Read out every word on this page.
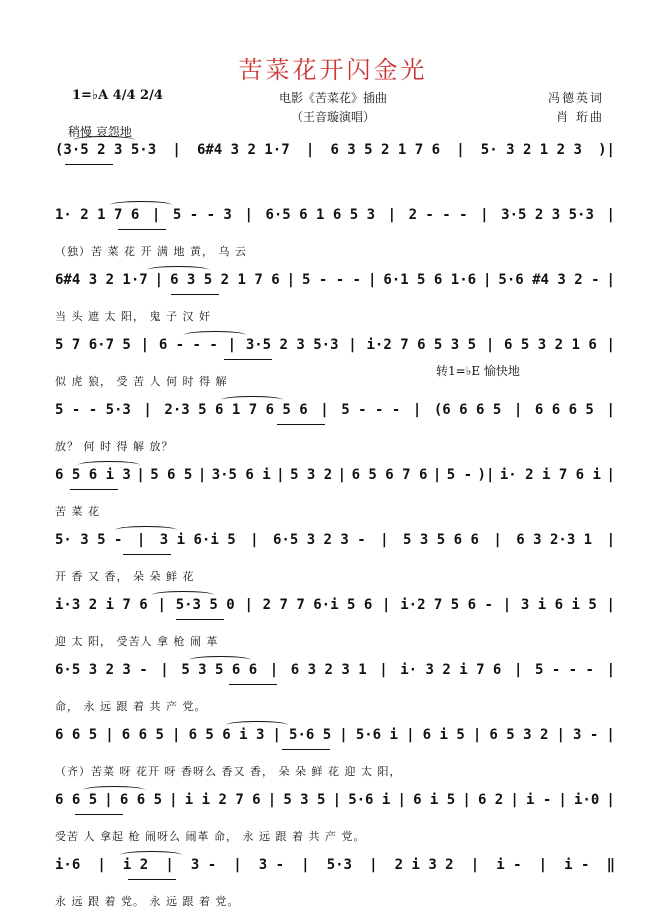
苦菜花开闪金光
1=♭A 4/4 2/4	电影《苦菜花》插曲
（王音璇演唱）
冯德英词
肖 珩曲
稍慢 哀怨地
转1=♭E 愉快地
(3·5 2 3 5·3 | 6#4 3 2 1·7 | 6 3 5 2 1 7 6 | 5· 3 2 1 2 3 )|
1· 2 1 7 6 | 5 - - 3 | 6·5 6 1 6 5 3 | 2 - - - | 3·5 2 3 5·3 |
（独）苦 菜 花 开 满 地 黄， 乌 云
6#4 3 2 1·7 | 6 3 5 2 1 7 6 | 5 - - - | 6·1 5 6 1·6 | 5·6 #4 3 2 - |
当 头 遮 太 阳， 鬼 子 汉 奸
5 7 6·7 5 | 6 - - - | 3·5 2 3 5·3 | i·2 7 6 5 3 5 | 6 5 3 2 1 6 |
似 虎 狼， 受 苦 人 何 时 得 解
5 - - 5·3 | 2·3 5 6 1 7 6 5 6 | 5 - - - | (6 6 6 5 | 6 6 6 5 |
放？ 何 时 得 解 放？
6 5 6 i 3 | 5 6 5 | 3·5 6 i | 5 3 2 | 6 5 6 7 6 | 5 - )| i· 2 i 7 6 i |
苦 菜 花
5· 3 5 - | 3 i 6·i 5 | 6·5 3 2 3 - | 5 3 5 6 6 | 6 3 2·3 1 |
开 香 又 香， 朵 朵 鲜 花
i·3 2 i 7 6 | 5·3 5 0 | 2 7 7 6·i 5 6 | i·2 7 5 6 - | 3 i 6 i 5 |
迎 太 阳， 受苦人 拿 枪 闹 革
6·5 3 2 3 - | 5 3 5 6 6 | 6 3 2 3 1 | i· 3 2 i 7 6 | 5 - - - |
命， 永 远 跟 着 共 产 党。
6 6 5 | 6 6 5 | 6 5 6 i 3 | 5·6 5 | 5·6 i | 6 i 5 | 6 5 3 2 | 3 - |
（齐）苦菜 呀 花开 呀 香呀么 香又 香， 朵 朵 鲜 花 迎 太 阳，
6 6 5 | 6 6 5 | i i 2 7 6 | 5 3 5 | 5·6 i | 6 i 5 | 6 2 | i - | i·0 |
受苦 人 拿起 枪 闹呀么 闹革 命， 永 远 跟 着 共 产 党。
i·6 | i 2 | 3 - | 3 - | 5·3 | 2 i 3 2 | i - | i - ‖
永 远 跟 着 党。 永 远 跟 着 党。
